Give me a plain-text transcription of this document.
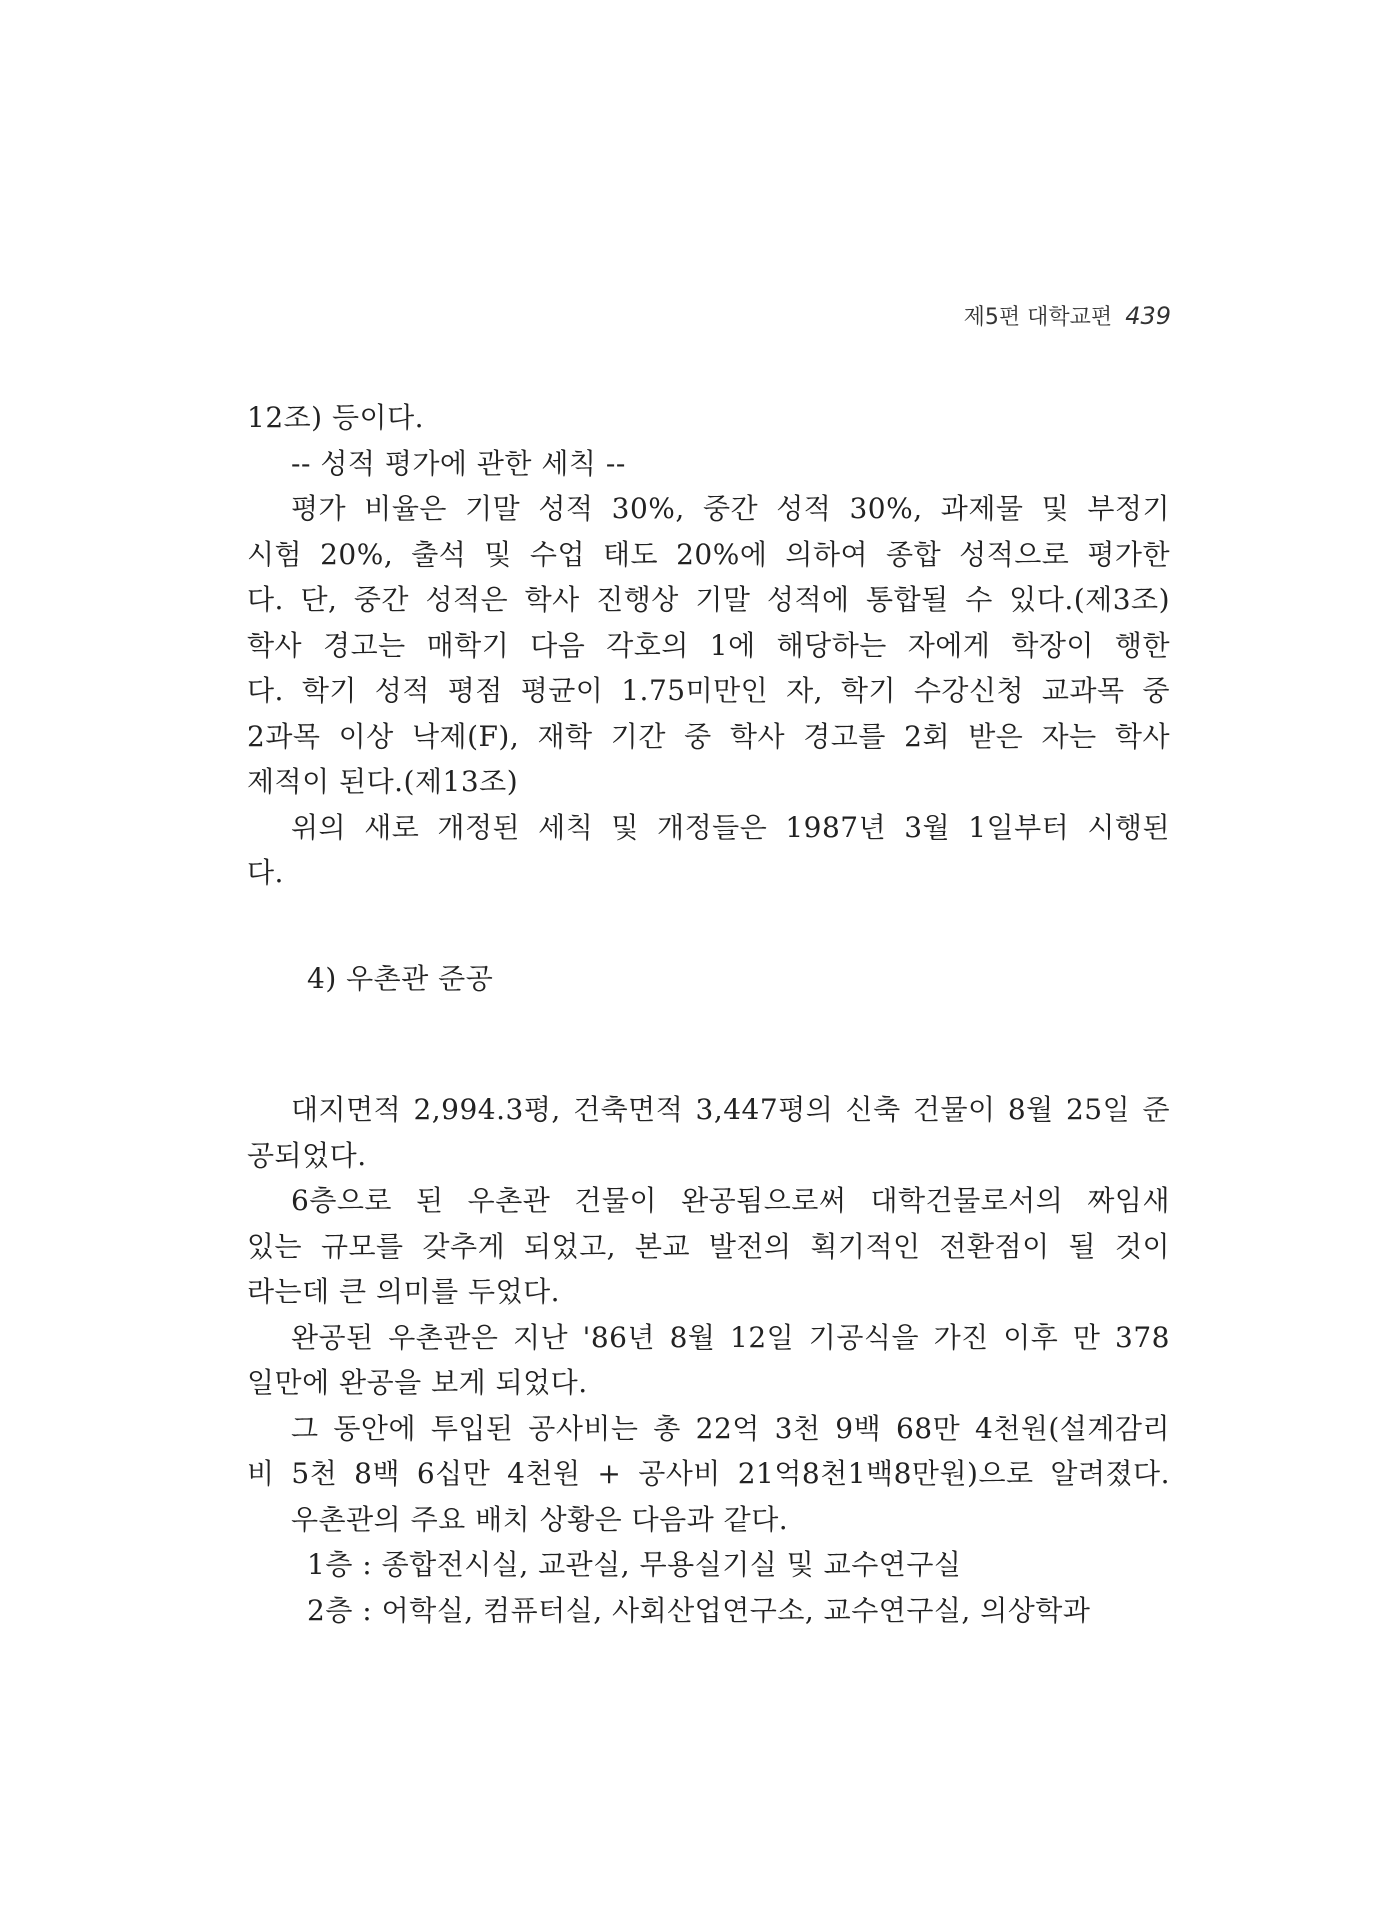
제5편 대학교편 439
12조) 등이다.
-- 성적 평가에 관한 세칙 --
평가 비율은 기말 성적 30%, 중간 성적 30%, 과제물 및 부정기
시험 20%, 출석 및 수업 태도 20%에 의하여 종합 성적으로 평가한
다. 단, 중간 성적은 학사 진행상 기말 성적에 통합될 수 있다.(제3조)
학사 경고는 매학기 다음 각호의 1에 해당하는 자에게 학장이 행한
다. 학기 성적 평점 평균이 1.75미만인 자, 학기 수강신청 교과목 중
2과목 이상 낙제(F), 재학 기간 중 학사 경고를 2회 받은 자는 학사
제적이 된다.(제13조)
위의 새로 개정된 세칙 및 개정들은 1987년 3월 1일부터 시행된
다.
4) 우촌관 준공
대지면적 2,994.3평, 건축면적 3,447평의 신축 건물이 8월 25일 준
공되었다.
6층으로 된 우촌관 건물이 완공됨으로써 대학건물로서의 짜임새
있는 규모를 갖추게 되었고, 본교 발전의 획기적인 전환점이 될 것이
라는데 큰 의미를 두었다.
완공된 우촌관은 지난 '86년 8월 12일 기공식을 가진 이후 만 378
일만에 완공을 보게 되었다.
그 동안에 투입된 공사비는 총 22억 3천 9백 68만 4천원(설계감리
비 5천 8백 6십만 4천원 + 공사비 21억8천1백8만원)으로 알려졌다.
우촌관의 주요 배치 상황은 다음과 같다.
1층 : 종합전시실, 교관실, 무용실기실 및 교수연구실
2층 : 어학실, 컴퓨터실, 사회산업연구소, 교수연구실, 의상학과
